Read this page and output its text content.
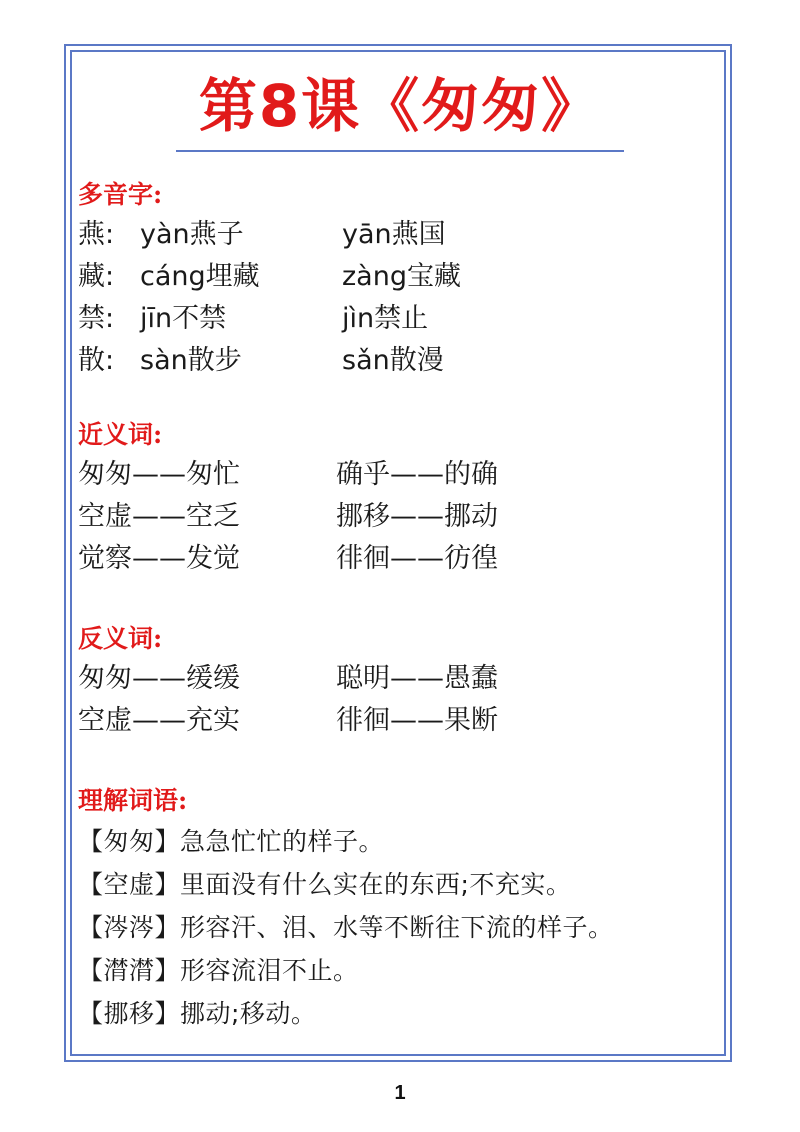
第8课《匆匆》
多音字:
燕: yàn燕子	yān燕国
藏: cáng埋藏	zàng宝藏
禁: jīn不禁	jìn禁止
散: sàn散步	sǎn散漫
近义词:
匆匆——匆忙	确乎——的确
空虚——空乏	挪移——挪动
觉察——发觉	徘徊——彷徨
反义词:
匆匆——缓缓	聪明——愚蠢
空虚——充实	徘徊——果断
理解词语:
【匆匆】急急忙忙的样子。
【空虚】里面没有什么实在的东西;不充实。
【涔涔】形容汗、泪、水等不断往下流的样子。
【潸潸】形容流泪不止。
【挪移】挪动;移动。
1
